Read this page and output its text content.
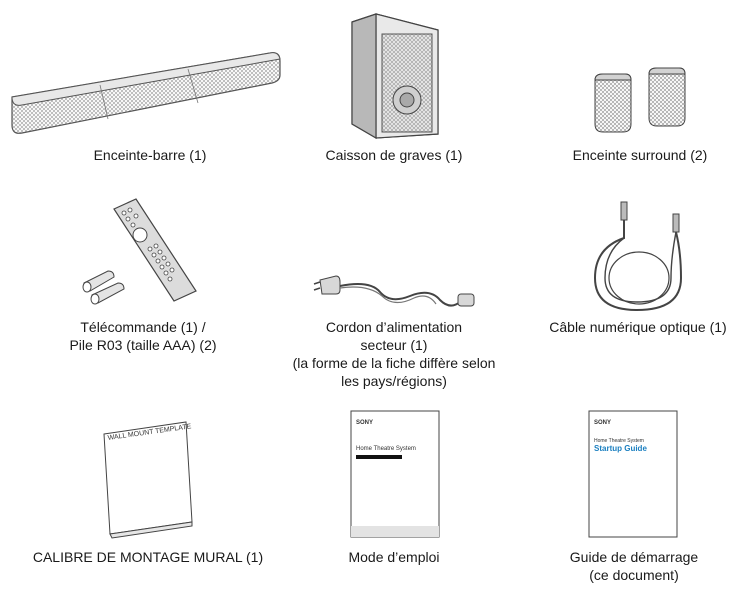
Enceinte-barre (1)	Caisson de graves (1)	Enceinte surround (2)
Télécommande (1) /
Pile R03 (taille AAA) (2)
Cordon d’alimentation
secteur (1)
(la forme de la fiche diffère selon
les pays/régions)
Câble numérique optique (1)
WALL MOUNT TEMPLATE
CALIBRE DE MONTAGE MURAL (1)
SONY
Home Theatre System
Mode d’emploi
SONY
Home Theatre System
Startup Guide
Guide de démarrage
(ce document)
